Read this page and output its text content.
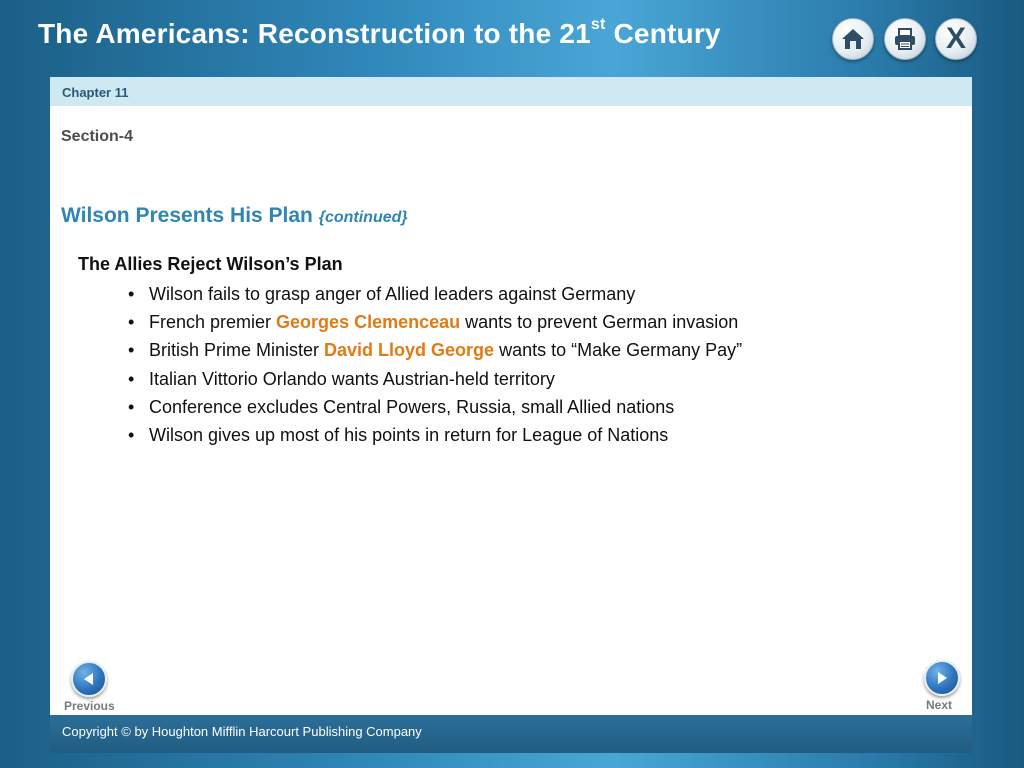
The Americans: Reconstruction to the 21st Century	X
Chapter 11
Section-4
Wilson Presents His Plan {continued}
The Allies Reject Wilson’s Plan
• Wilson fails to grasp anger of Allied leaders against Germany
• French premier Georges Clemenceau wants to prevent German invasion
• British Prime Minister David Lloyd George wants to “Make Germany Pay”
• Italian Vittorio Orlando wants Austrian-held territory
• Conference excludes Central Powers, Russia, small Allied nations
• Wilson gives up most of his points in return for League of Nations
Previous	Next
Copyright © by Houghton Mifflin Harcourt Publishing Company
